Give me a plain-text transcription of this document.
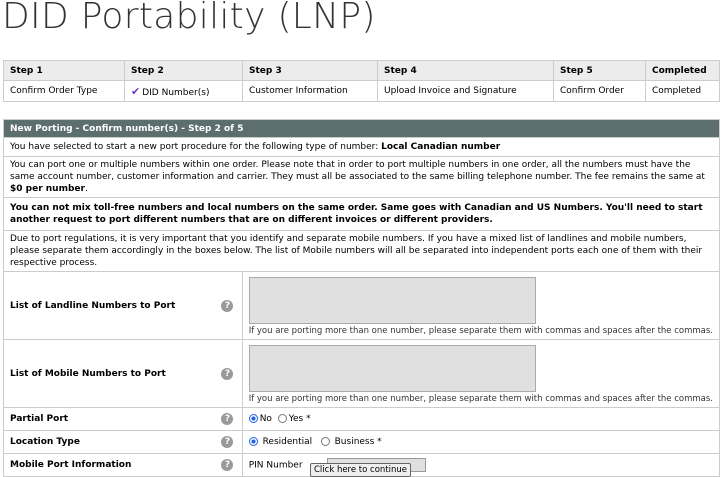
DID Portability (LNP)
Step 1	Step 2	Step 3	Step 4	Step 5	Completed
Confirm Order Type	✔ DID Number(s)	Customer Information	Upload Invoice and Signature	Confirm Order	Completed
New Porting - Confirm number(s) - Step 2 of 5		
You have selected to start a new port procedure for the following type of number: Local Canadian number		
You can port one or multiple numbers within one order. Please note that in order to port multiple numbers in one order, all the numbers must have the same account number, customer information and carrier. They must all be associated to the same billing telephone number. The fee remains the same at $0 per number.		
You can not mix toll-free numbers and local numbers on the same order. Same goes with Canadian and US Numbers. You'll need to start another request to port different numbers that are on different invoices or different providers.		
Due to port regulations, it is very important that you identify and separate mobile numbers. If you have a mixed list of landlines and mobile numbers, please separate them accordingly in the boxes below. The list of Mobile numbers will all be separated into independent ports each one of them with their respective process.		
List of Landline Numbers to Port	?	If you are porting more than one number, please separate them with commas and spaces after the commas.

List of Mobile Numbers to Port	?	If you are porting more than one number, please separate them with commas and spaces after the commas.

Partial Port	?	No Yes *
Location Type	?	Residential Business *
Mobile Port Information	?	PIN Number	Click here to continue
